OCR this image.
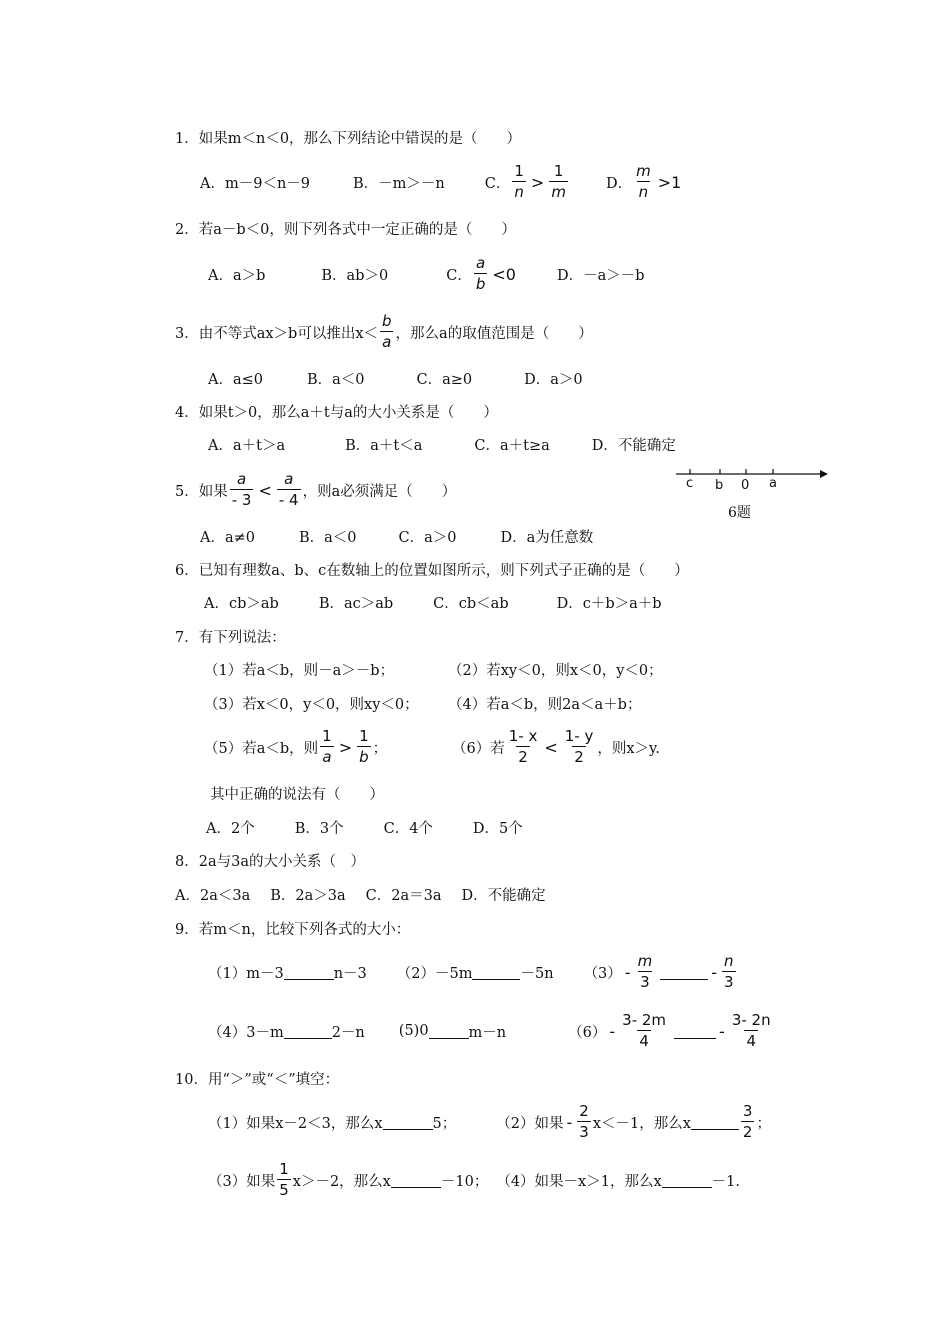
1．如果m＜n＜0，那么下列结论中错误的是（　　）
A．m－9＜n－9	B．－m＞－n	C． $\frac{1}{n} > \frac{1}{m}$	D． $\frac{m}{n} >1$
2．若a－b＜0，则下列各式中一定正确的是（　　）
A．a＞b	B．ab＞0	C． $\frac{a}{b} <0$	D．－a＞－b
3．由不等式ax＞b可以推出$x< \frac{b}{a}$ ，那么a的取值范围是（　　）
A．a≤0	B．a＜0	C．a≥0	D．a＞0
4．如果t＞0，那么a＋t与a的大小关系是（　　）
A．a＋t＞a	B．a＋t＜a	C．a＋t≥a	D．不能确定
5．如果 $\frac{a}{- 3} < \frac{a}{- 4}$ ，则a必须满足（　　）	c b 0 a
6题
A．a≠0	B．a＜0	C．a＞0	D．a为任意数
6．已知有理数a、b、c在数轴上的位置如图所示，则下列式子正确的是（　　）
A．cb＞ab	B．ac＞ab	C．cb＜ab	D．c＋b＞a＋b
7．有下列说法：
（1）若a＜b，则－a＞－b；	（2）若xy＜0，则x＜0，y＜0；
（3）若x＜0，y＜0，则xy＜0； （4）若a＜b，则2a＜a＋b；
（5）若a＜b，则 $\frac{1}{a} > \frac{1}{b}$ ；	（6）若 $\frac{1- x}{2} < \frac{1- y}{2}$ ，则x＞y.
其中正确的说法有（　　）
A．2个	B．3个	C．4个	D．5个
8．2a与3a的大小关系（　）
A．2a＜3a B．2a＞3a C．2a＝3a D．不能确定
9．若m＜n，比较下列各式的大小：
（1）m－3	n－3 （2）－5m	－5n $(3) - \frac{m}{3}$	- $\frac{n}{3}$
（4）3－m	2－n (5)0	m－n	$(6) - \frac{3- 2m}{4}$	- $\frac{3- 2n}{4}$
10．用“＞”或“＜”填空：
（1）如果x－2＜3，那么x	5；	（2）如果 - $\frac{2}{3} x<-1$，那么x	$\frac{3}{2}$ ；
（3）如果 $\frac{1}{5} x>-2$，那么x	－10； （4）如果－x＞1，那么x	－1.
